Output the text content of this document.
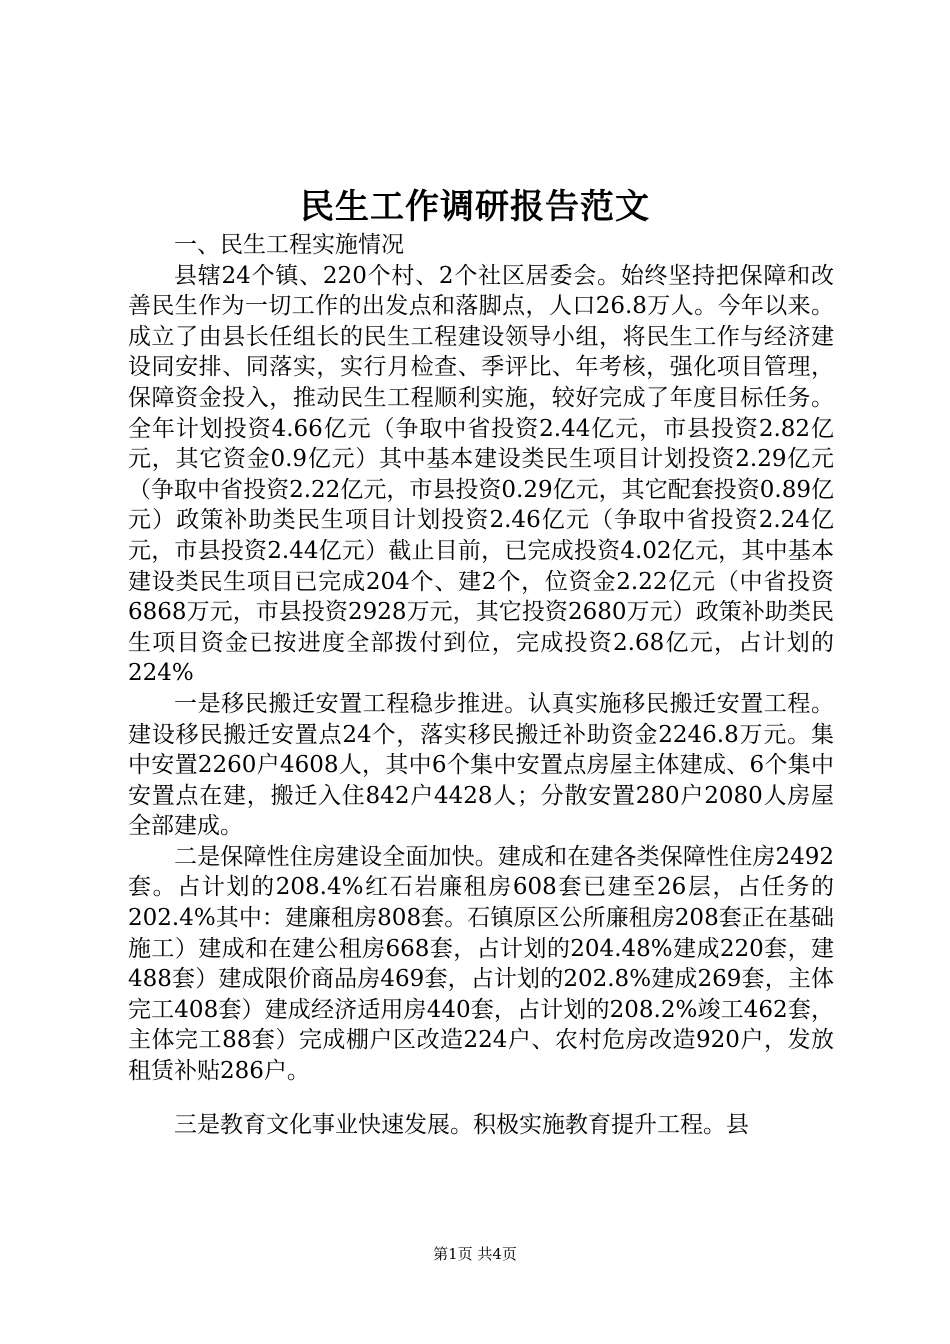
民生工作调研报告范文

一、民生工程实施情况

县辖24个镇、220个村、2个社区居委会。始终坚持把保障和改善民生作为一切工作的出发点和落脚点，人口26.8万人。今年以来。成立了由县长任组长的民生工程建设领导小组，将民生工作与经济建设同安排、同落实，实行月检查、季评比、年考核，强化项目管理，保障资金投入，推动民生工程顺利实施，较好完成了年度目标任务。全年计划投资4.66亿元（争取中省投资2.44亿元，市县投资2.82亿元，其它资金0.9亿元）其中基本建设类民生项目计划投资2.29亿元（争取中省投资2.22亿元，市县投资0.29亿元，其它配套投资0.89亿元）政策补助类民生项目计划投资2.46亿元（争取中省投资2.24亿元，市县投资2.44亿元）截止目前，已完成投资4.02亿元，其中基本建设类民生项目已完成204个、建2个，位资金2.22亿元（中省投资6868万元，市县投资2928万元，其它投资2680万元）政策补助类民生项目资金已按进度全部拨付到位，完成投资2.68亿元，占计划的224%

一是移民搬迁安置工程稳步推进。认真实施移民搬迁安置工程。建设移民搬迁安置点24个，落实移民搬迁补助资金2246.8万元。集中安置2260户4608人，其中6个集中安置点房屋主体建成、6个集中安置点在建，搬迁入住842户4428人；分散安置280户2080人房屋全部建成。

二是保障性住房建设全面加快。建成和在建各类保障性住房2492套。占计划的208.4%红石岩廉租房608套已建至26层，占任务的202.4%其中：建廉租房808套。石镇原区公所廉租房208套正在基础施工）建成和在建公租房668套，占计划的204.48%建成220套，建488套）建成限价商品房469套，占计划的202.8%建成269套，主体完工408套）建成经济适用房440套，占计划的208.2%竣工462套，主体完工88套）完成棚户区改造224户、农村危房改造920户，发放租赁补贴286户。

三是教育文化事业快速发展。积极实施教育提升工程。县

第1页 共4页
